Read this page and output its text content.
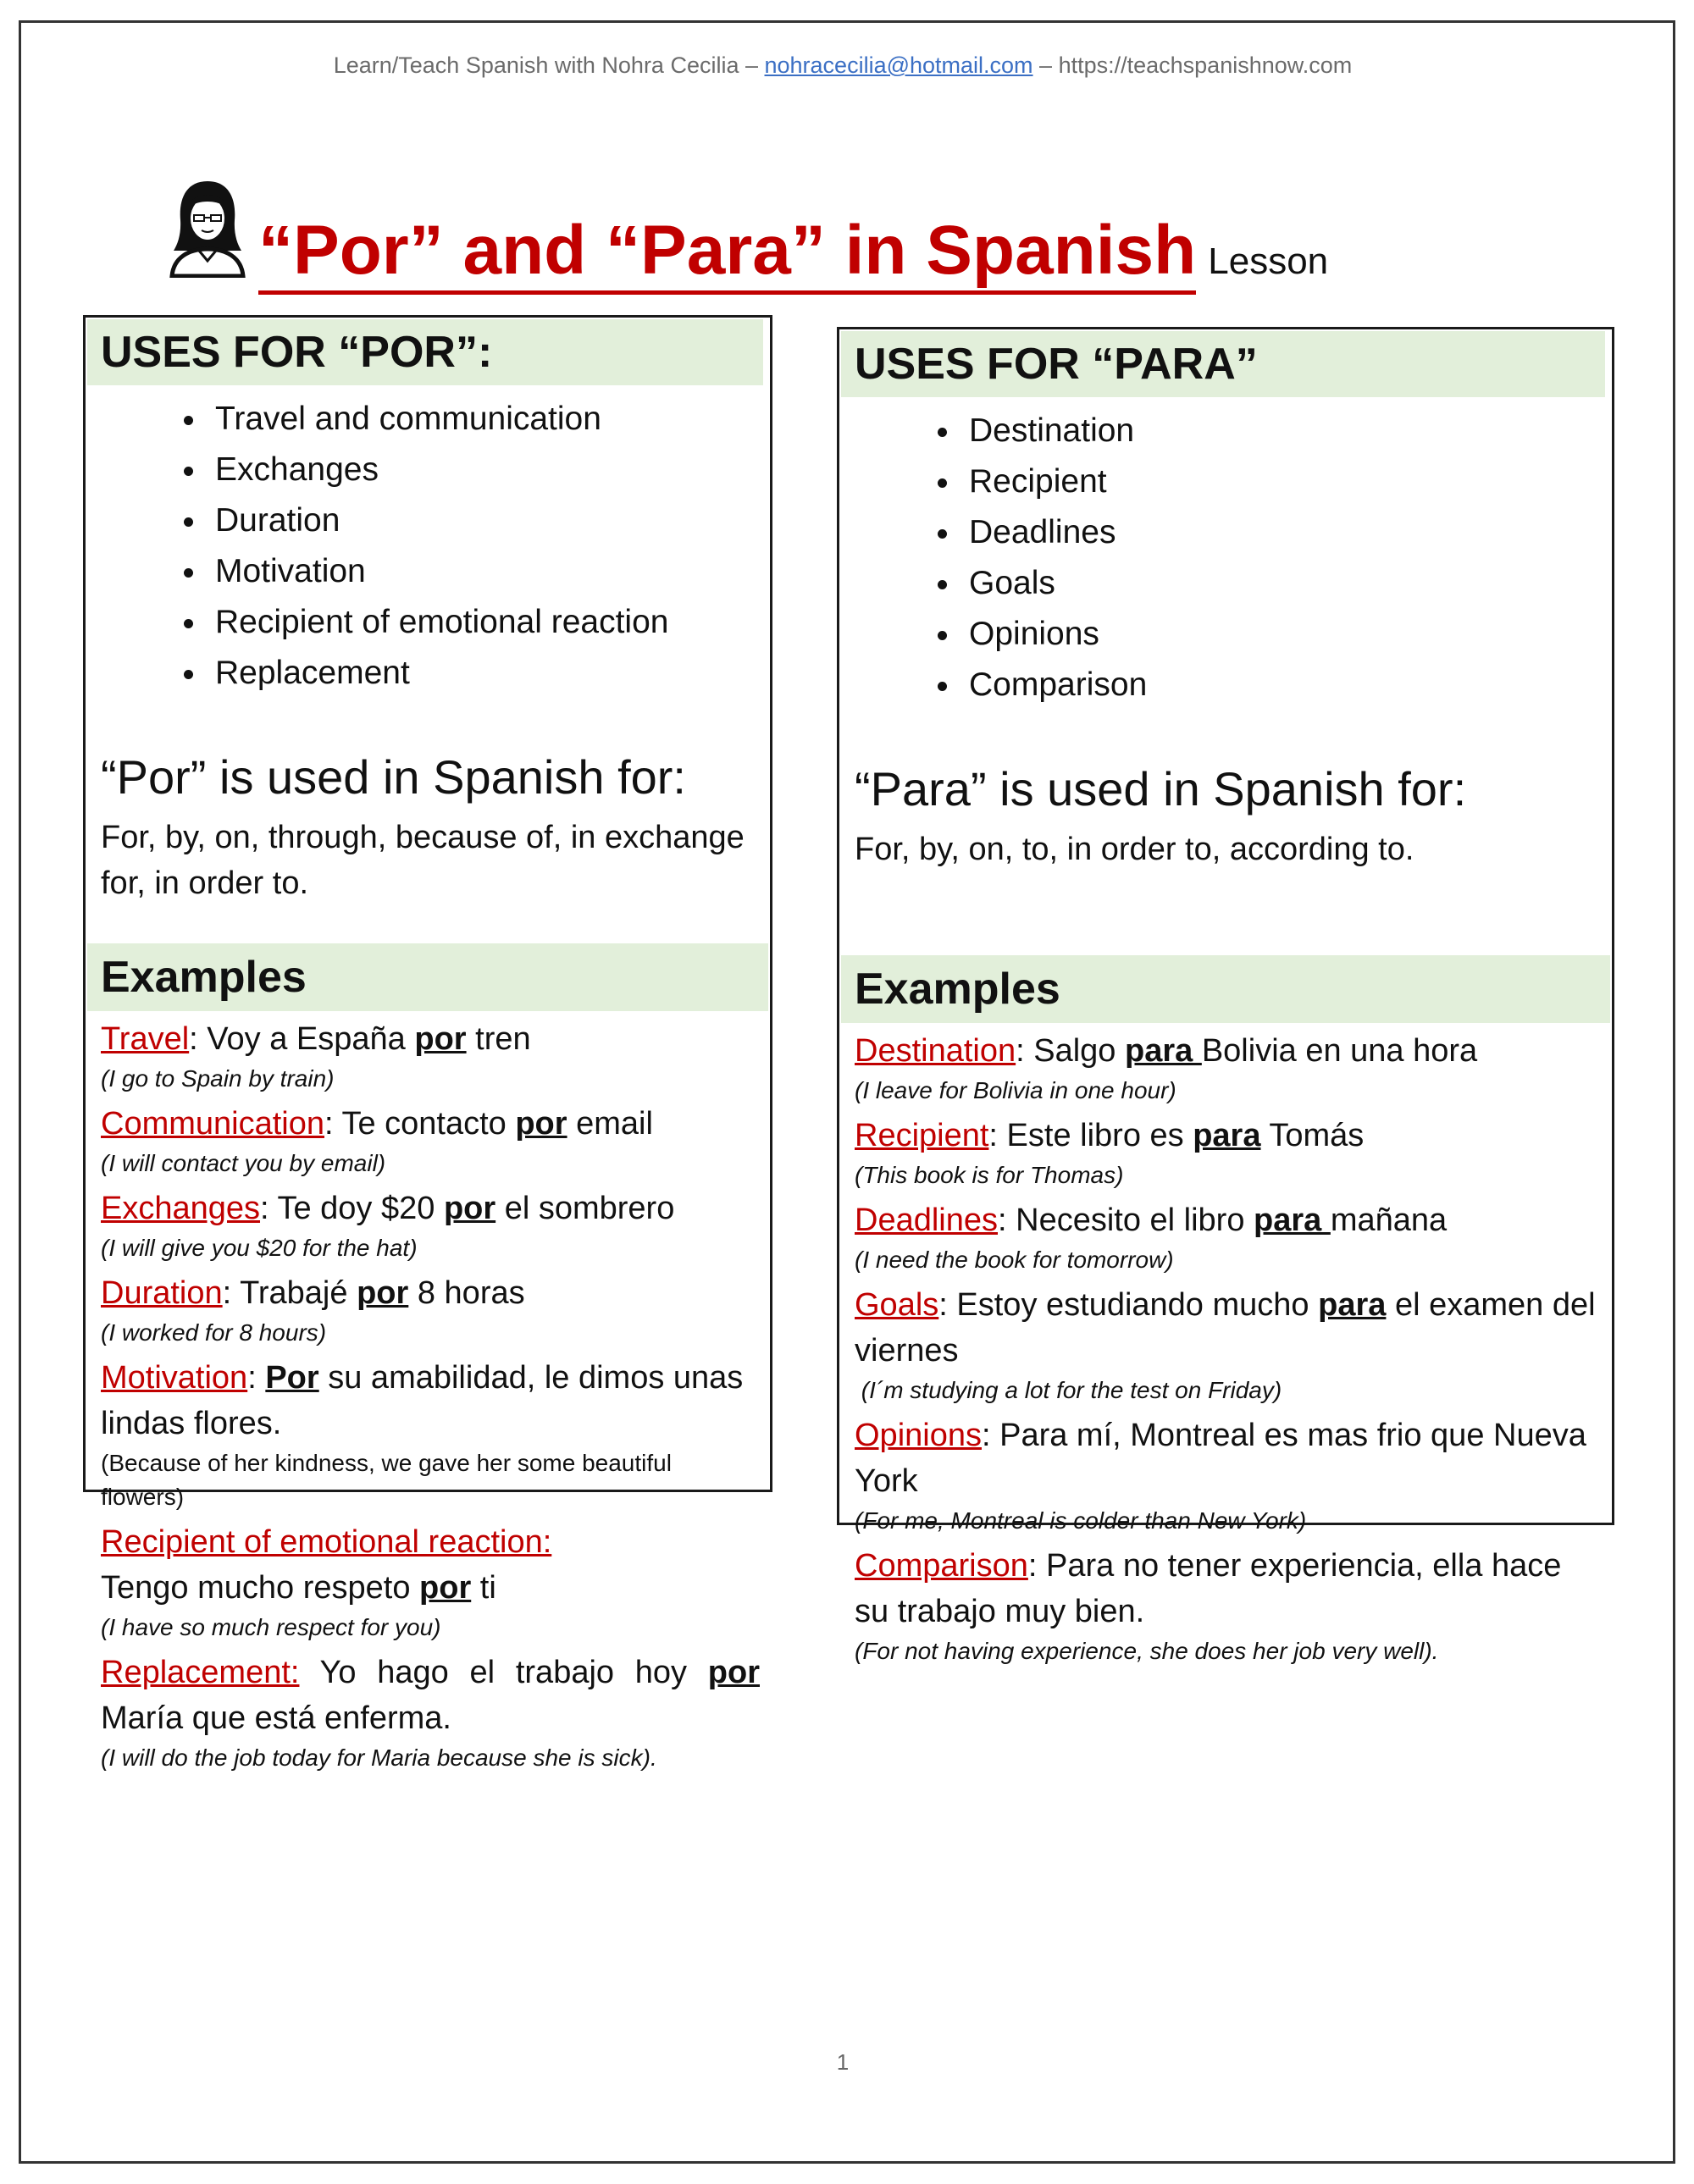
Learn/Teach Spanish with Nohra Cecilia – nohracecilia@hotmail.com – https://teachspanishnow.com
“Por” and “Para” in Spanish Lesson
USES FOR “POR”:
• Travel and communication
• Exchanges
• Duration
• Motivation
• Recipient of emotional reaction
• Replacement
“Por” is used in Spanish for:
For, by, on, through, because of, in exchange for, in order to.
Examples
Travel: Voy a España por tren
(I go to Spain by train)
Communication: Te contacto por email
(I will contact you by email)
Exchanges: Te doy $20 por el sombrero
(I will give you $20 for the hat)
Duration: Trabajé por 8 horas
(I worked for 8 hours)
Motivation: Por su amabilidad, le dimos unas lindas flores.
(Because of her kindness, we gave her some beautiful flowers)
Recipient of emotional reaction:
Tengo mucho respeto por ti
(I have so much respect for you)
Replacement: Yo hago el trabajo hoy por María que está enferma.
(I will do the job today for Maria because she is sick).
USES FOR “PARA”
• Destination
• Recipient
• Deadlines
• Goals
• Opinions
• Comparison
“Para” is used in Spanish for:
For, by, on, to, in order to, according to.
Examples
Destination: Salgo para Bolivia en una hora
(I leave for Bolivia in one hour)
Recipient: Este libro es para Tomás
(This book is for Thomas)
Deadlines: Necesito el libro para mañana
(I need the book for tomorrow)
Goals: Estoy estudiando mucho para el examen del viernes
(I´m studying a lot for the test on Friday)
Opinions: Para mí, Montreal es mas frio que Nueva York
(For me, Montreal is colder than New York)
Comparison: Para no tener experiencia, ella hace su trabajo muy bien.
(For not having experience, she does her job very well).
1
